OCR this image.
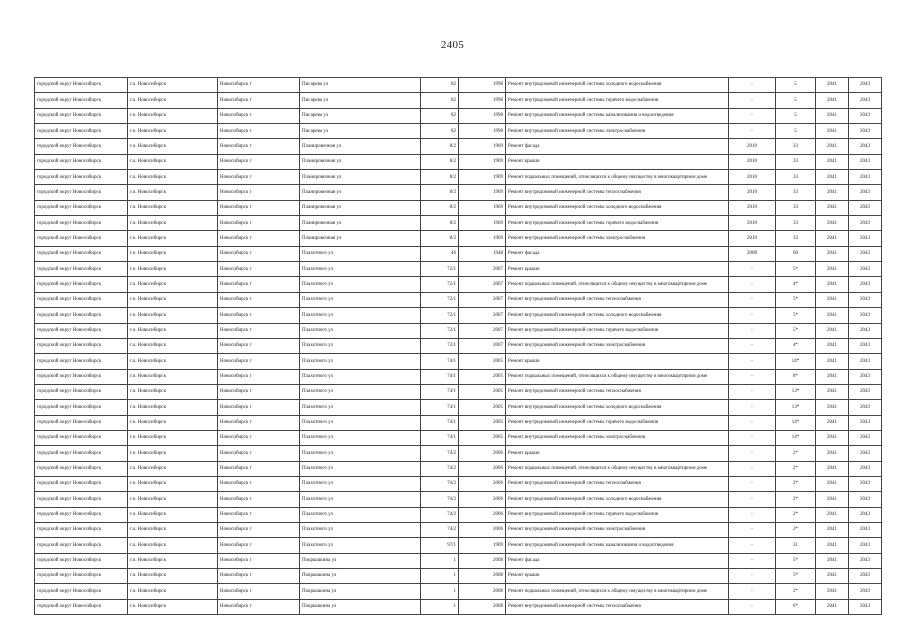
2405
городской округ Новосибирск	г.о. Новосибирск	Новосибирск г	Писарева ул	82	1998	Ремонт внутридомовой инженерной системы холодного водоснабжения	-	5	2041	2043
городской округ Новосибирск	г.о. Новосибирск	Новосибирск г	Писарева ул	82	1998	Ремонт внутридомовой инженерной системы горячего водоснабжения	-	5	2041	2043
городской округ Новосибирск	г.о. Новосибирск	Новосибирск г	Писарева ул	82	1998	Ремонт внутридомовой инженерной системы канализования и водоотведения	-	5	2041	2043
городской округ Новосибирск	г.о. Новосибирск	Новосибирск г	Писарева ул	82	1998	Ремонт внутридомовой инженерной системы электроснабжения	-	5	2041	2043
городской округ Новосибирск	г.о. Новосибирск	Новосибирск г	Планировочная ул	8/2	1969	Ремонт фасада	2010	33	2041	2043
городской округ Новосибирск	г.о. Новосибирск	Новосибирск г	Планировочная ул	8/2	1969	Ремонт крыши	2010	33	2041	2043
городской округ Новосибирск	г.о. Новосибирск	Новосибирск г	Планировочная ул	8/2	1969	Ремонт подвальных помещений, относящихся к общему имуществу в многоквартирном доме	2010	33	2041	2043
городской округ Новосибирск	г.о. Новосибирск	Новосибирск г	Планировочная ул	8/2	1969	Ремонт внутридомовой инженерной системы теплоснабжения	2010	33	2041	2043
городской округ Новосибирск	г.о. Новосибирск	Новосибирск г	Планировочная ул	8/2	1969	Ремонт внутридомовой инженерной системы холодного водоснабжения	2010	33	2041	2043
городской округ Новосибирск	г.о. Новосибирск	Новосибирск г	Планировочная ул	8/2	1969	Ремонт внутридомовой инженерной системы горячего водоснабжения	2010	33	2041	2043
городской округ Новосибирск	г.о. Новосибирск	Новосибирск г	Планировочная ул	8/2	1969	Ремонт внутридомовой инженерной системы электроснабжения	2010	33	2041	2043
городской округ Новосибирск	г.о. Новосибирск	Новосибирск г	Плахотного ул	46	1948	Ремонт фасада	2008	60	2041	2043
городской округ Новосибирск	г.о. Новосибирск	Новосибирск г	Плахотного ул	72/1	2007	Ремонт крыши	-	5*	2041	2043
городской округ Новосибирск	г.о. Новосибирск	Новосибирск г	Плахотного ул	72/1	2007	Ремонт подвальных помещений, относящихся к общему имуществу в многоквартирном доме	-	4*	2041	2043
городской округ Новосибирск	г.о. Новосибирск	Новосибирск г	Плахотного ул	72/1	2007	Ремонт внутридомовой инженерной системы теплоснабжения	-	5*	2041	2043
городской округ Новосибирск	г.о. Новосибирск	Новосибирск г	Плахотного ул	72/1	2007	Ремонт внутридомовой инженерной системы холодного водоснабжения	-	5*	2041	2043
городской округ Новосибирск	г.о. Новосибирск	Новосибирск г	Плахотного ул	72/1	2007	Ремонт внутридомовой инженерной системы горячего водоснабжения	-	5*	2041	2043
городской округ Новосибирск	г.о. Новосибирск	Новосибирск г	Плахотного ул	72/1	2007	Ремонт внутридомовой инженерной системы электроснабжения	-	4*	2041	2043
городской округ Новосибирск	г.о. Новосибирск	Новосибирск г	Плахотного ул	74/1	2005	Ремонт крыши	-	14*	2041	2043
городской округ Новосибирск	г.о. Новосибирск	Новосибирск г	Плахотного ул	74/1	2005	Ремонт подвальных помещений, относящихся к общему имуществу в многоквартирном доме	-	8*	2041	2043
городской округ Новосибирск	г.о. Новосибирск	Новосибирск г	Плахотного ул	74/1	2005	Ремонт внутридомовой инженерной системы теплоснабжения	-	13*	2041	2043
городской округ Новосибирск	г.о. Новосибирск	Новосибирск г	Плахотного ул	74/1	2005	Ремонт внутридомовой инженерной системы холодного водоснабжения	-	13*	2041	2043
городской округ Новосибирск	г.о. Новосибирск	Новосибирск г	Плахотного ул	74/1	2005	Ремонт внутридомовой инженерной системы горячего водоснабжения	-	14*	2041	2043
городской округ Новосибирск	г.о. Новосибирск	Новосибирск г	Плахотного ул	74/1	2005	Ремонт внутридомовой инженерной системы электроснабжения	-	14*	2041	2043
городской округ Новосибирск	г.о. Новосибирск	Новосибирск г	Плахотного ул	74/2	2006	Ремонт крыши	-	2*	2041	2043
городской округ Новосибирск	г.о. Новосибирск	Новосибирск г	Плахотного ул	74/2	2006	Ремонт подвальных помещений, относящихся к общему имуществу в многоквартирном доме	-	2*	2041	2043
городской округ Новосибирск	г.о. Новосибирск	Новосибирск г	Плахотного ул	74/2	2006	Ремонт внутридомовой инженерной системы теплоснабжения	-	2*	2041	2043
городской округ Новосибирск	г.о. Новосибирск	Новосибирск г	Плахотного ул	74/2	2006	Ремонт внутридомовой инженерной системы холодного водоснабжения	-	2*	2041	2043
городской округ Новосибирск	г.о. Новосибирск	Новосибирск г	Плахотного ул	74/2	2006	Ремонт внутридомовой инженерной системы горячего водоснабжения	-	2*	2041	2043
городской округ Новосибирск	г.о. Новосибирск	Новосибирск г	Плахотного ул	74/2	2006	Ремонт внутридомовой инженерной системы электроснабжения	-	2*	2041	2043
городской округ Новосибирск	г.о. Новосибирск	Новосибирск г	Плахотного ул	97/1	1969	Ремонт внутридомовой инженерной системы канализования и водоотведения	-	31	2041	2043
городской округ Новосибирск	г.о. Новосибирск	Новосибирск г	Покрышкина ул	1	2008	Ремонт фасада	-	5*	2041	2043
городской округ Новосибирск	г.о. Новосибирск	Новосибирск г	Покрышкина ул	1	2008	Ремонт крыши	-	5*	2041	2043
городской округ Новосибирск	г.о. Новосибирск	Новосибирск г	Покрышкина ул	1	2008	Ремонт подвальных помещений, относящихся к общему имуществу в многоквартирном доме	-	2*	2041	2043
городской округ Новосибирск	г.о. Новосибирск	Новосибирск г	Покрышкина ул	1	2008	Ремонт внутридомовой инженерной системы теплоснабжения	-	6*	2041	2043
